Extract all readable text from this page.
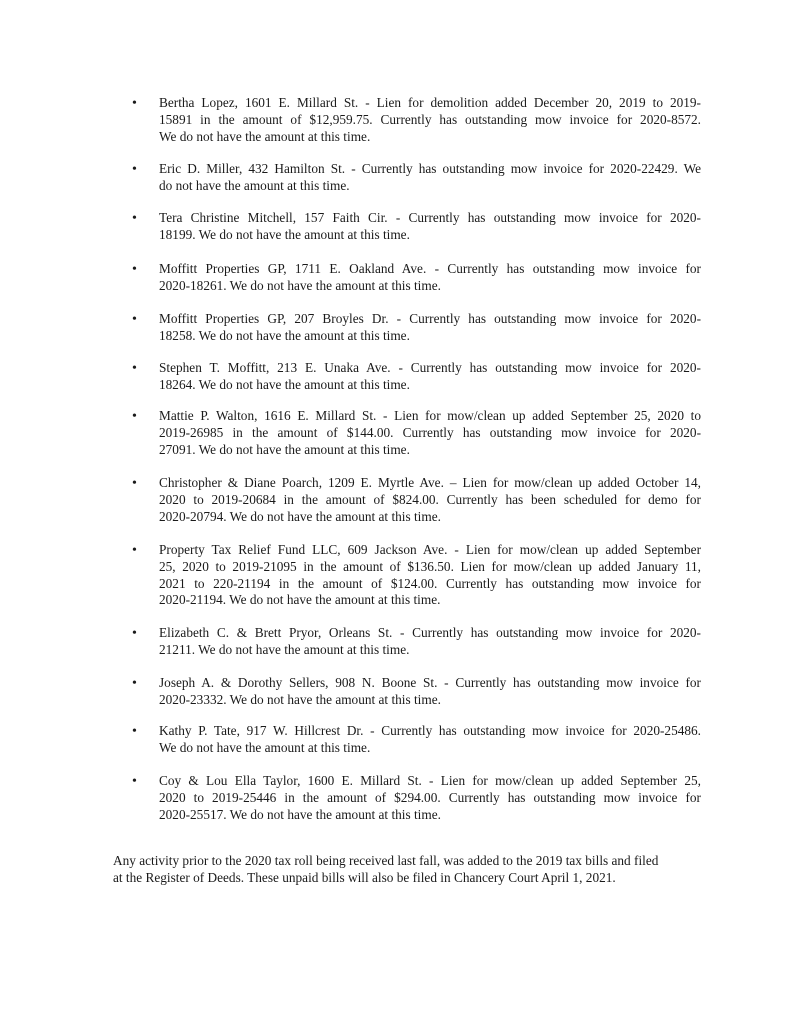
• Bertha Lopez, 1601 E. Millard St. - Lien for demolition added December 20, 2019 to 2019-
15891 in the amount of $12,959.75. Currently has outstanding mow invoice for 2020-8572.
We do not have the amount at this time.
• Eric D. Miller, 432 Hamilton St. - Currently has outstanding mow invoice for 2020-22429. We
do not have the amount at this time.
• Tera Christine Mitchell, 157 Faith Cir. - Currently has outstanding mow invoice for 2020-
18199. We do not have the amount at this time.
• Moffitt Properties GP, 1711 E. Oakland Ave. - Currently has outstanding mow invoice for
2020-18261. We do not have the amount at this time.
• Moffitt Properties GP, 207 Broyles Dr. - Currently has outstanding mow invoice for 2020-
18258. We do not have the amount at this time.
• Stephen T. Moffitt, 213 E. Unaka Ave. - Currently has outstanding mow invoice for 2020-
18264. We do not have the amount at this time.
• Mattie P. Walton, 1616 E. Millard St. - Lien for mow/clean up added September 25, 2020 to
2019-26985 in the amount of $144.00. Currently has outstanding mow invoice for 2020-
27091. We do not have the amount at this time.
• Christopher & Diane Poarch, 1209 E. Myrtle Ave. – Lien for mow/clean up added October 14,
2020 to 2019-20684 in the amount of $824.00. Currently has been scheduled for demo for
2020-20794. We do not have the amount at this time.
• Property Tax Relief Fund LLC, 609 Jackson Ave. - Lien for mow/clean up added September
25, 2020 to 2019-21095 in the amount of $136.50. Lien for mow/clean up added January 11,
2021 to 220-21194 in the amount of $124.00. Currently has outstanding mow invoice for
2020-21194. We do not have the amount at this time.
• Elizabeth C. & Brett Pryor, Orleans St. - Currently has outstanding mow invoice for 2020-
21211. We do not have the amount at this time.
• Joseph A. & Dorothy Sellers, 908 N. Boone St. - Currently has outstanding mow invoice for
2020-23332. We do not have the amount at this time.
• Kathy P. Tate, 917 W. Hillcrest Dr. - Currently has outstanding mow invoice for 2020-25486.
We do not have the amount at this time.
• Coy & Lou Ella Taylor, 1600 E. Millard St. - Lien for mow/clean up added September 25,
2020 to 2019-25446 in the amount of $294.00. Currently has outstanding mow invoice for
2020-25517. We do not have the amount at this time.
Any activity prior to the 2020 tax roll being received last fall, was added to the 2019 tax bills and filed
at the Register of Deeds. These unpaid bills will also be filed in Chancery Court April 1, 2021.
